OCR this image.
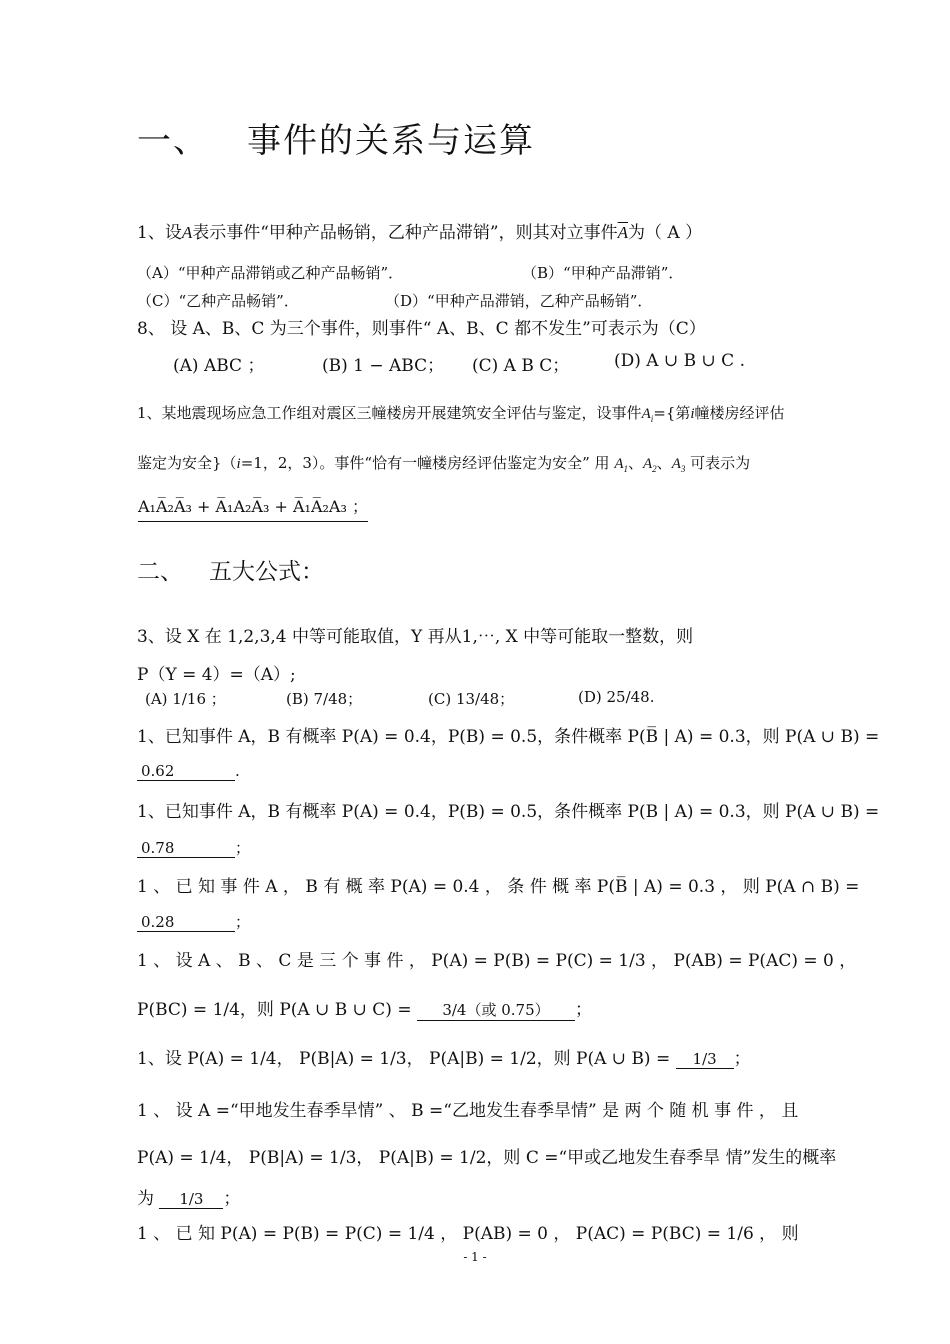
一、 事件的关系与运算
1、设A表示事件“甲种产品畅销，乙种产品滞销”，则其对立事件$\overline{A}$为（ A ）
（A）“甲种产品滞销或乙种产品畅销”．	（B）“甲种产品滞销”．
（C）“乙种产品畅销”．	（D）“甲种产品滞销，乙种产品畅销”．
8、 设 A、B、C 为三个事件，则事件“ A、B、C 都不发生”可表示为（C）
(A) ABC ；	(B) 1 − ABC； (C) A B C；	(D) A ∪ B ∪ C .
1、某地震现场应急工作组对震区三幢楼房开展建筑安全评估与鉴定，设事件$A_i=${第i幢楼房经评估
鉴定为安全}（i=1，2，3）。事件“恰有一幢楼房经评估鉴定为安全” 用 $A_1$、$A_2$、$A_3$ 可表示为
A₁A̅₂A̅₃ + A̅₁A₂A̅₃ + A̅₁A̅₂A₃ ；
二、 五大公式：
3、设 X 在 1,2,3,4 中等可能取值，Y 再从1,⋯, X 中等可能取一整数，则
P（Y = 4）=（A）;
(A) 1/16 ；	(B) 7/48；	(C) 13/48；	(D) 25/48.
1、已知事件 A，B 有概率 P(A) = 0.4，P(B) = 0.5，条件概率 P(B̅ | A) = 0.3，则 P(A ∪ B) =
0.62	.
1、已知事件 A，B 有概率 P(A) = 0.4，P(B) = 0.5，条件概率 P(B | A) = 0.3，则 P(A ∪ B) =
0.78	；
1 、 已 知 事 件 A ， B 有 概 率 P(A) = 0.4 ， 条 件 概 率 P(B̅ | A) = 0.3 ， 则 P(A ∩ B) =
0.28	；
1 、 设 A 、 B 、 C 是 三 个 事 件 ， P(A) = P(B) = P(C) = 1/3 ， P(AB) = P(AC) = 0 ，
P(BC) = 1/4，则 P(A ∪ B ∪ C) = 3/4（或 0.75） ；
1、设 P(A) = 1/4， P(B|A) = 1/3， P(A|B) = 1/2，则 P(A ∪ B) = 1/3 ；
1 、 设 A =“甲地发生春季旱情” 、 B =“乙地发生春季旱情” 是 两 个 随 机 事 件 ， 且
P(A) = 1/4， P(B|A) = 1/3， P(A|B) = 1/2，则 C =“甲或乙地发生春季旱 情”发生的概率
为 1/3 ；
1 、 已 知 P(A) = P(B) = P(C) = 1/4 ， P(AB) = 0 ， P(AC) = P(BC) = 1/6 ， 则
- 1 -
